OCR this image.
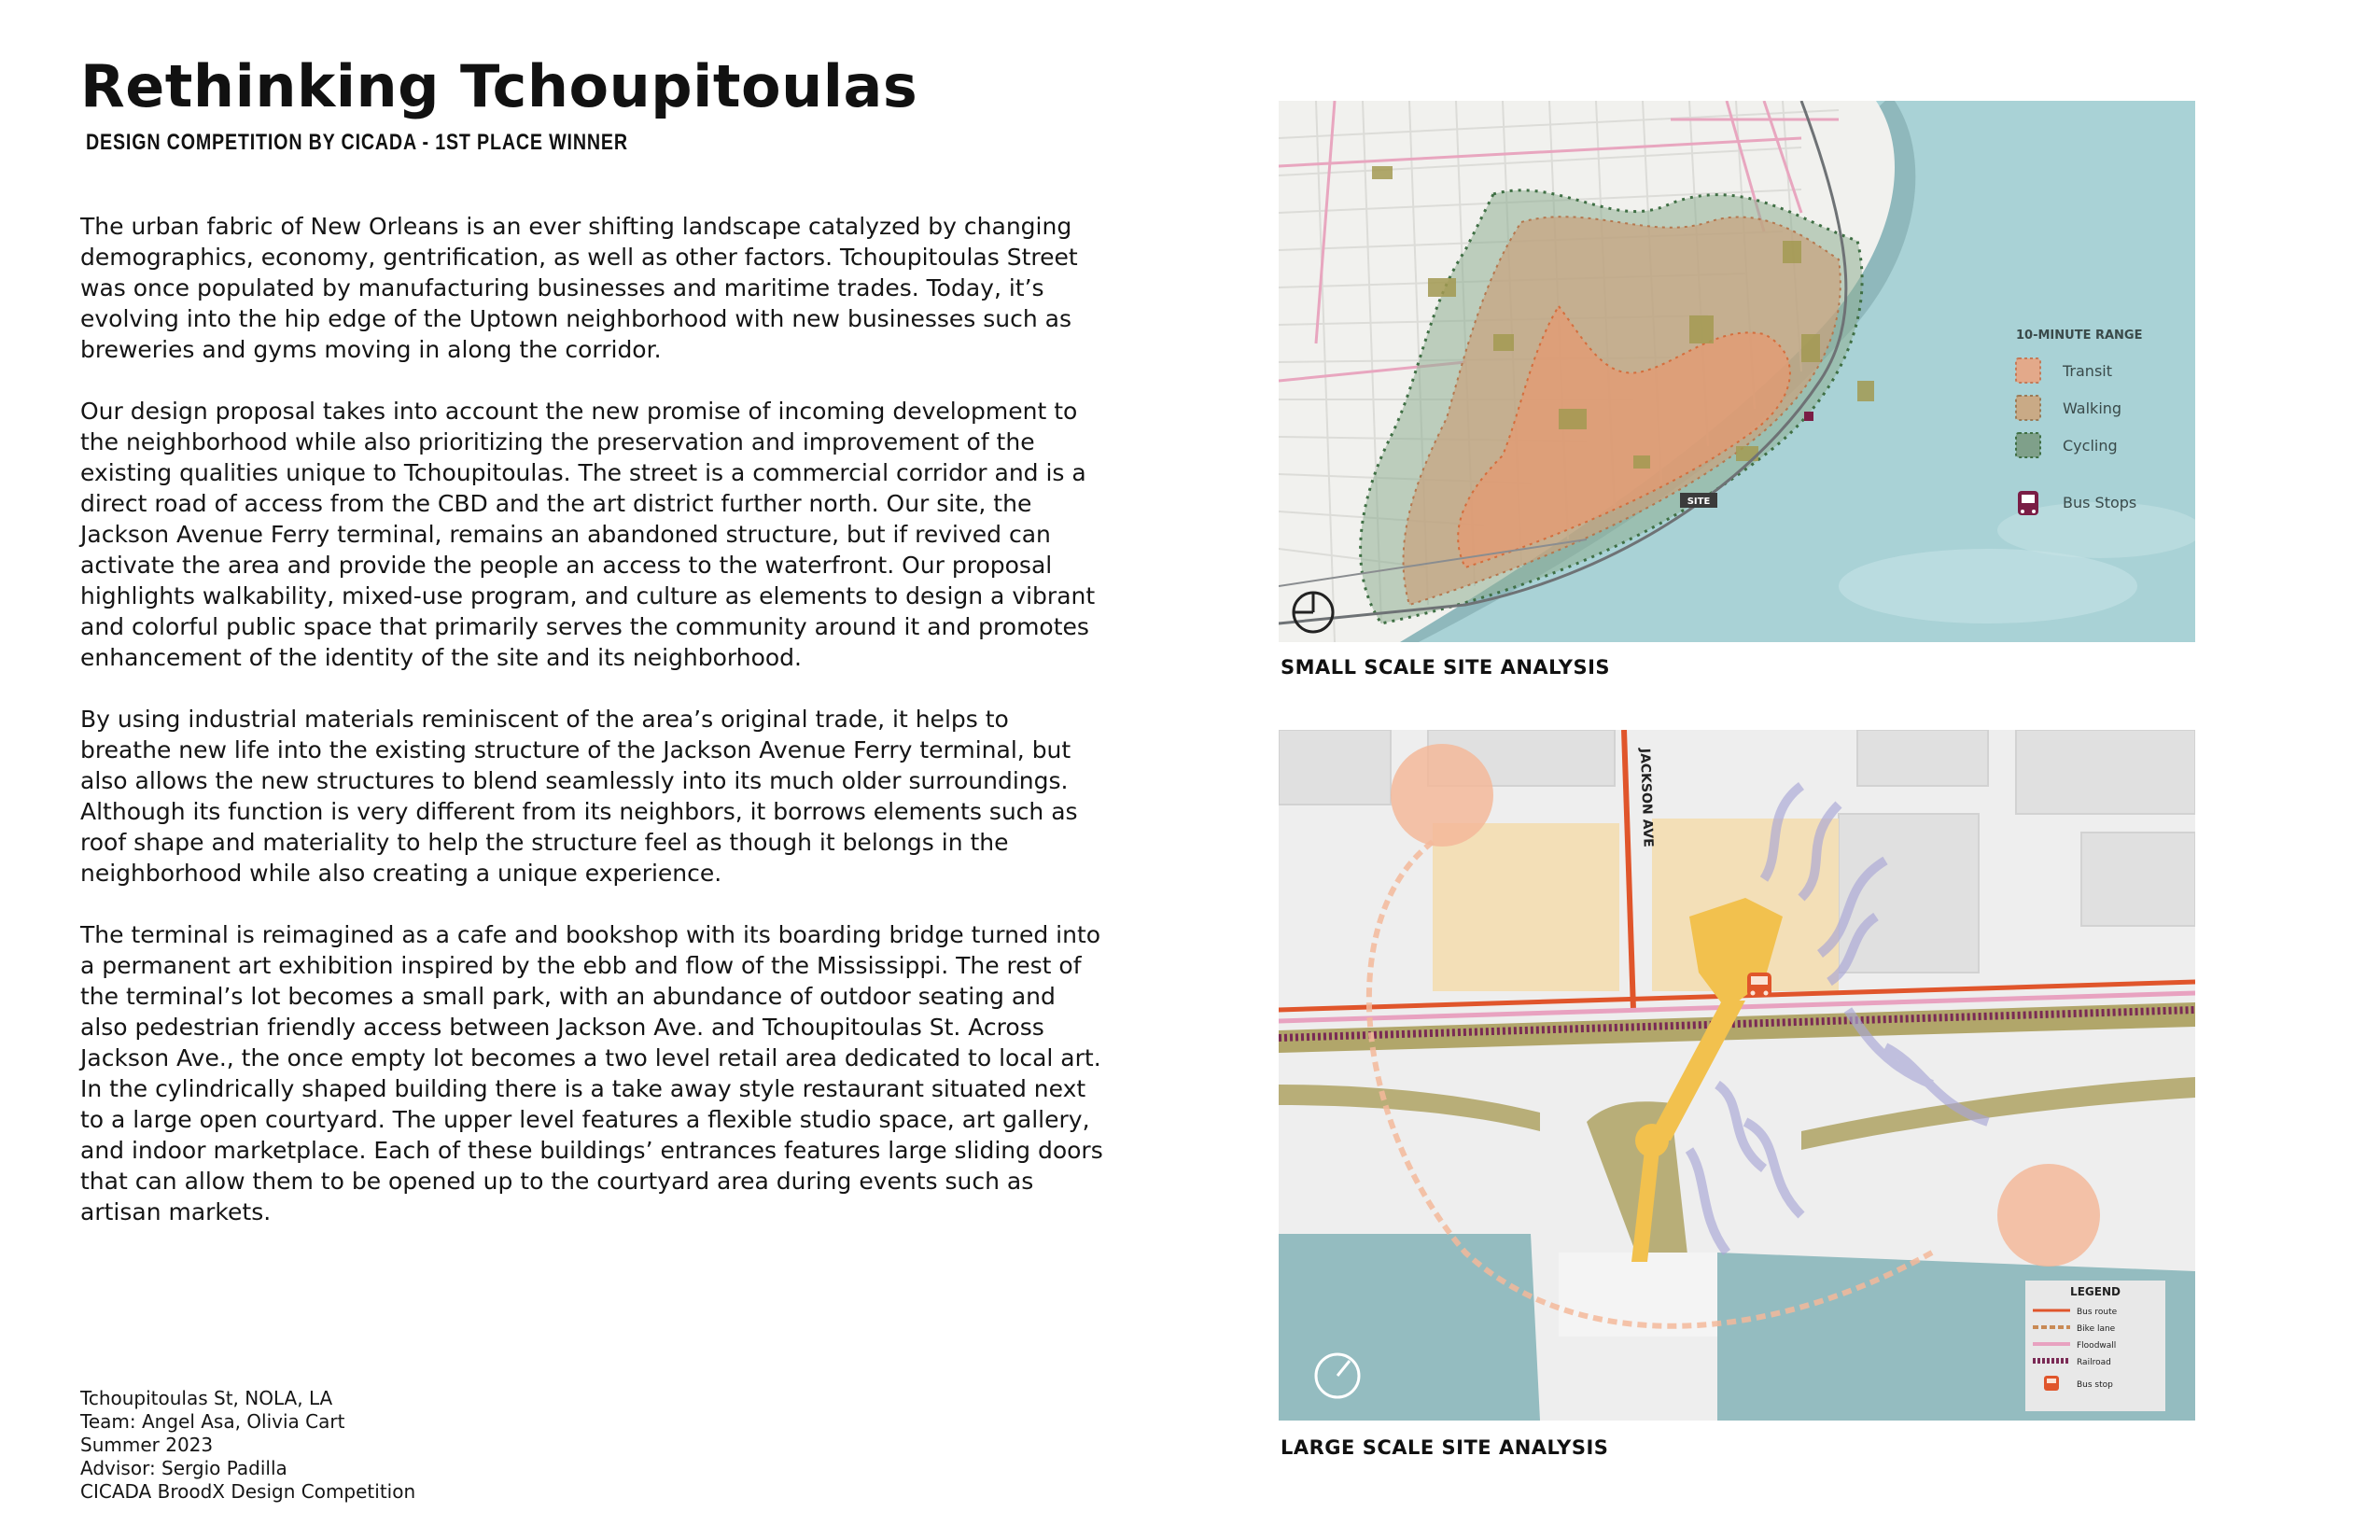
Rethinking Tchoupitoulas
DESIGN COMPETITION BY CICADA - 1ST PLACE WINNER

The urban fabric of New Orleans is an ever shifting landscape catalyzed by changing demographics, economy, gentrification, as well as other factors. Tchoupitoulas Street was once populated by manufacturing businesses and maritime trades. Today, it’s evolving into the hip edge of the Uptown neighborhood with new businesses such as breweries and gyms moving in along the corridor.

Our design proposal takes into account the new promise of incoming development to the neighborhood while also prioritizing the preservation and improvement of the existing qualities unique to Tchoupitoulas. The street is a commercial corridor and is a direct road of access from the CBD and the art district further north. Our site, the Jackson Avenue Ferry terminal, remains an abandoned structure, but if revived can activate the area and provide the people an access to the waterfront. Our proposal highlights walkability, mixed-use program, and culture as elements to design a vibrant and colorful public space that primarily serves the community around it and promotes enhancement of the identity of the site and its neighborhood.

By using industrial materials reminiscent of the area’s original trade, it helps to breathe new life into the existing structure of the Jackson Avenue Ferry terminal, but also allows the new structures to blend seamlessly into its much older surroundings. Although its function is very different from its neighbors, it borrows elements such as roof shape and materiality to help the structure feel as though it belongs in the neighborhood while also creating a unique experience.

The terminal is reimagined as a cafe and bookshop with its boarding bridge turned into a permanent art exhibition inspired by the ebb and flow of the Mississippi. The rest of the terminal’s lot becomes a small park, with an abundance of outdoor seating and also pedestrian friendly access between Jackson Ave. and Tchoupitoulas St. Across Jackson Ave., the once empty lot becomes a two level retail area dedicated to local art. In the cylindrically shaped building there is a take away style restaurant situated next to a large open courtyard. The upper level features a flexible studio space, art gallery, and indoor marketplace. Each of these buildings’ entrances features large sliding doors that can allow them to be opened up to the courtyard area during events such as artisan markets.

Tchoupitoulas St, NOLA, LA
Team: Angel Asa, Olivia Cart
Summer 2023
Advisor: Sergio Padilla
CICADA BroodX Design Competition
SITE
10-MINUTE RANGE
Transit
Walking
Cycling
Bus Stops
SMALL SCALE SITE ANALYSIS
JACKSON AVE
LEGEND
Bus route
Bike lane
Floodwall
Railroad
Bus stop
LARGE SCALE SITE ANALYSIS
